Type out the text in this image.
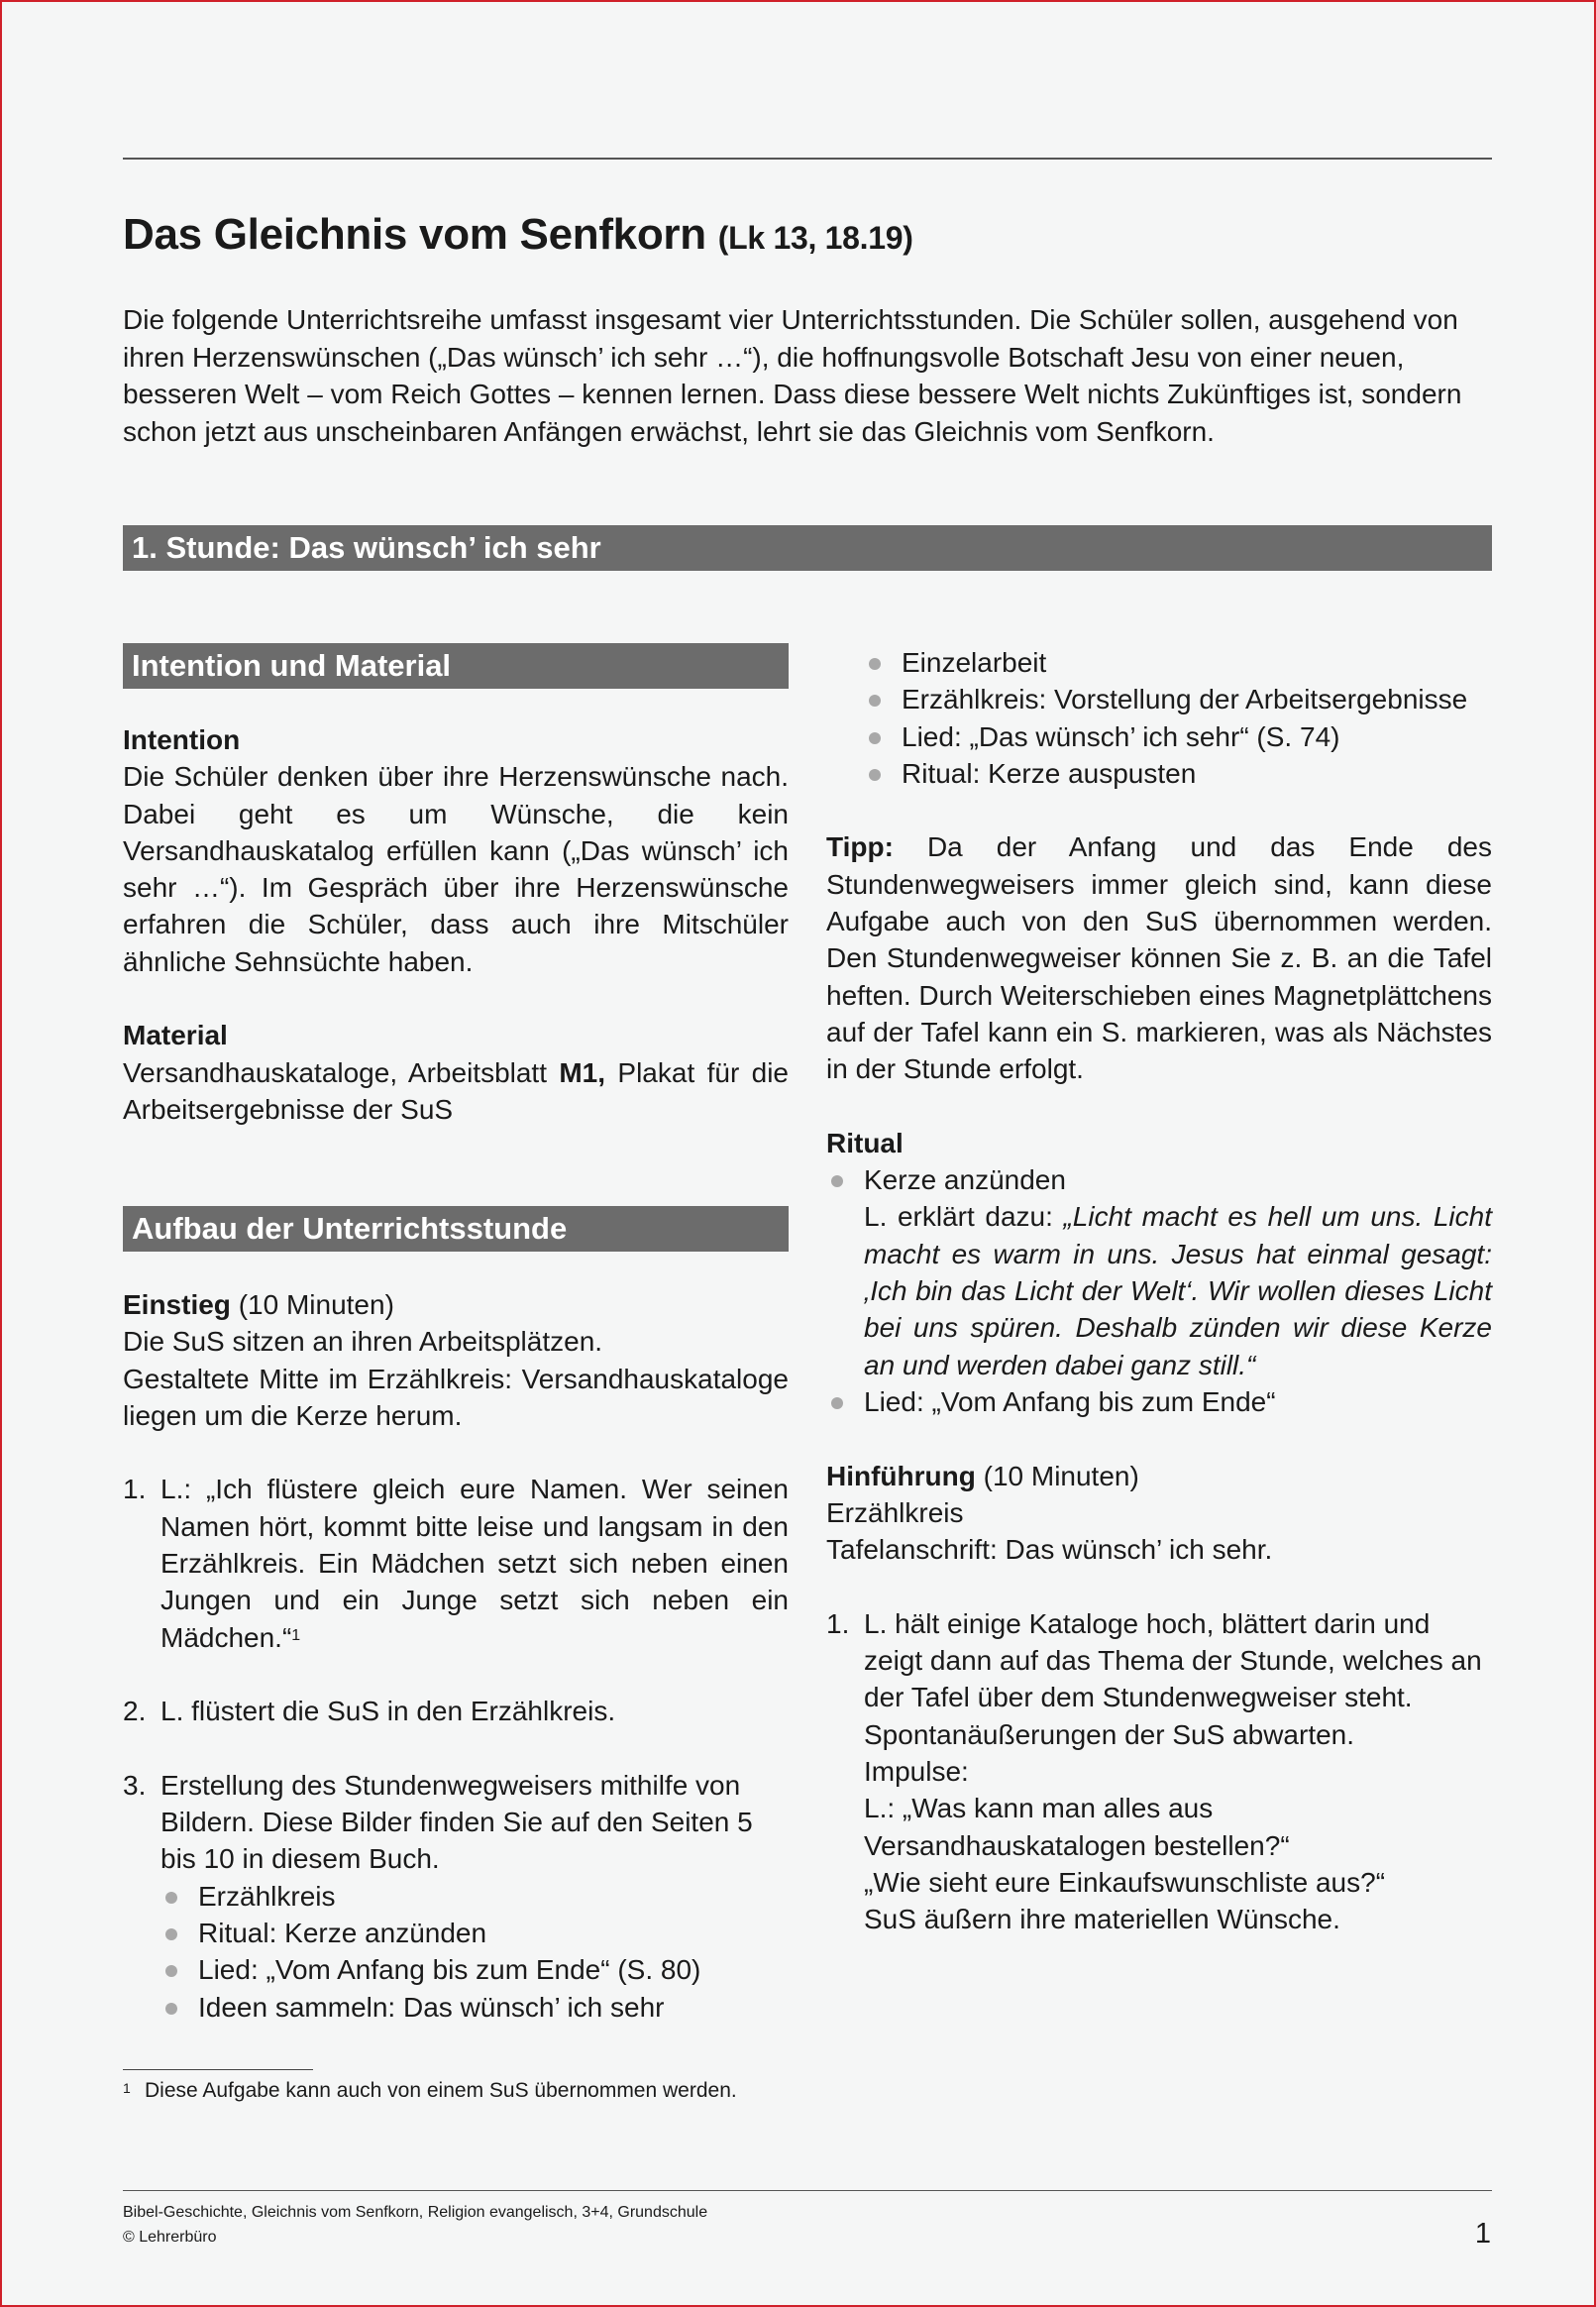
Das Gleichnis vom Senfkorn (Lk 13, 18.19)

Die folgende Unterrichtsreihe umfasst insgesamt vier Unterrichtsstunden. Die Schüler sollen, ausgehend von ihren Herzenswünschen („Das wünsch’ ich sehr …“), die hoffnungsvolle Botschaft Jesu von einer neuen, besseren Welt – vom Reich Gottes – kennen lernen. Dass diese bessere Welt nichts Zukünftiges ist, sondern schon jetzt aus unscheinbaren Anfängen erwächst, lehrt sie das Gleichnis vom Senfkorn.

1. Stunde: Das wünsch’ ich sehr
Intention und Material

Intention

Die Schüler denken über ihre Herzenswünsche nach. Dabei geht es um Wünsche, die kein Versandhauskatalog erfüllen kann („Das wünsch’ ich sehr …“). Im Gespräch über ihre Herzenswünsche erfahren die Schüler, dass auch ihre Mitschüler ähnliche Sehnsüchte haben.

Material

Versandhauskataloge, Arbeitsblatt M1, Plakat für die Arbeitsergebnisse der SuS

Aufbau der Unterrichtsstunde

Einstieg (10 Minuten)

Die SuS sitzen an ihren Arbeitsplätzen.

Gestaltete Mitte im Erzählkreis: Versandhauskataloge liegen um die Kerze herum.

1. L.: „Ich flüstere gleich eure Namen. Wer seinen Namen hört, kommt bitte leise und langsam in den Erzählkreis. Ein Mädchen setzt sich neben einen Jungen und ein Junge setzt sich neben ein Mädchen.“$^1$
2. L. flüstert die SuS in den Erzählkreis.
3. Erstellung des Stundenwegweisers mithilfe von Bildern. Diese Bilder finden Sie auf den Seiten 5 bis 10 in diesem Buch.
Erzählkreis
Ritual: Kerze anzünden
Lied: „Vom Anfang bis zum Ende“ (S. 80)
Ideen sammeln: Das wünsch’ ich sehr
1 Diese Aufgabe kann auch von einem SuS übernommen werden.
Einzelarbeit
Erzählkreis: Vorstellung der Arbeitsergebnisse
Lied: „Das wünsch’ ich sehr“ (S. 74)
Ritual: Kerze auspusten

Tipp: Da der Anfang und das Ende des Stundenwegweisers immer gleich sind, kann diese Aufgabe auch von den SuS übernommen werden. Den Stundenwegweiser können Sie z. B. an die Tafel heften. Durch Weiterschieben eines Magnetplättchens auf der Tafel kann ein S. markieren, was als Nächstes in der Stunde erfolgt.

Ritual

Kerze anzünden
L. erklärt dazu: „Licht macht es hell um uns. Licht macht es warm in uns. Jesus hat einmal gesagt: ‚Ich bin das Licht der Welt‘. Wir wollen dieses Licht bei uns spüren. Deshalb zünden wir diese Kerze an und werden dabei ganz still.“
Lied: „Vom Anfang bis zum Ende“

Hinführung (10 Minuten)

Erzählkreis

Tafelanschrift: Das wünsch’ ich sehr.

1. L. hält einige Kataloge hoch, blättert darin und zeigt dann auf das Thema der Stunde, welches an der Tafel über dem Stundenwegweiser steht. Spontanäußerungen der SuS abwarten.

Impulse:

L.: „Was kann man alles aus Versandhauskatalogen bestellen?“

„Wie sieht eure Einkaufswunschliste aus?“

SuS äußern ihre materiellen Wünsche.

Bibel-Geschichte, Gleichnis vom Senfkorn, Religion evangelisch, 3+4, Grundschule
© Lehrerbüro	1
